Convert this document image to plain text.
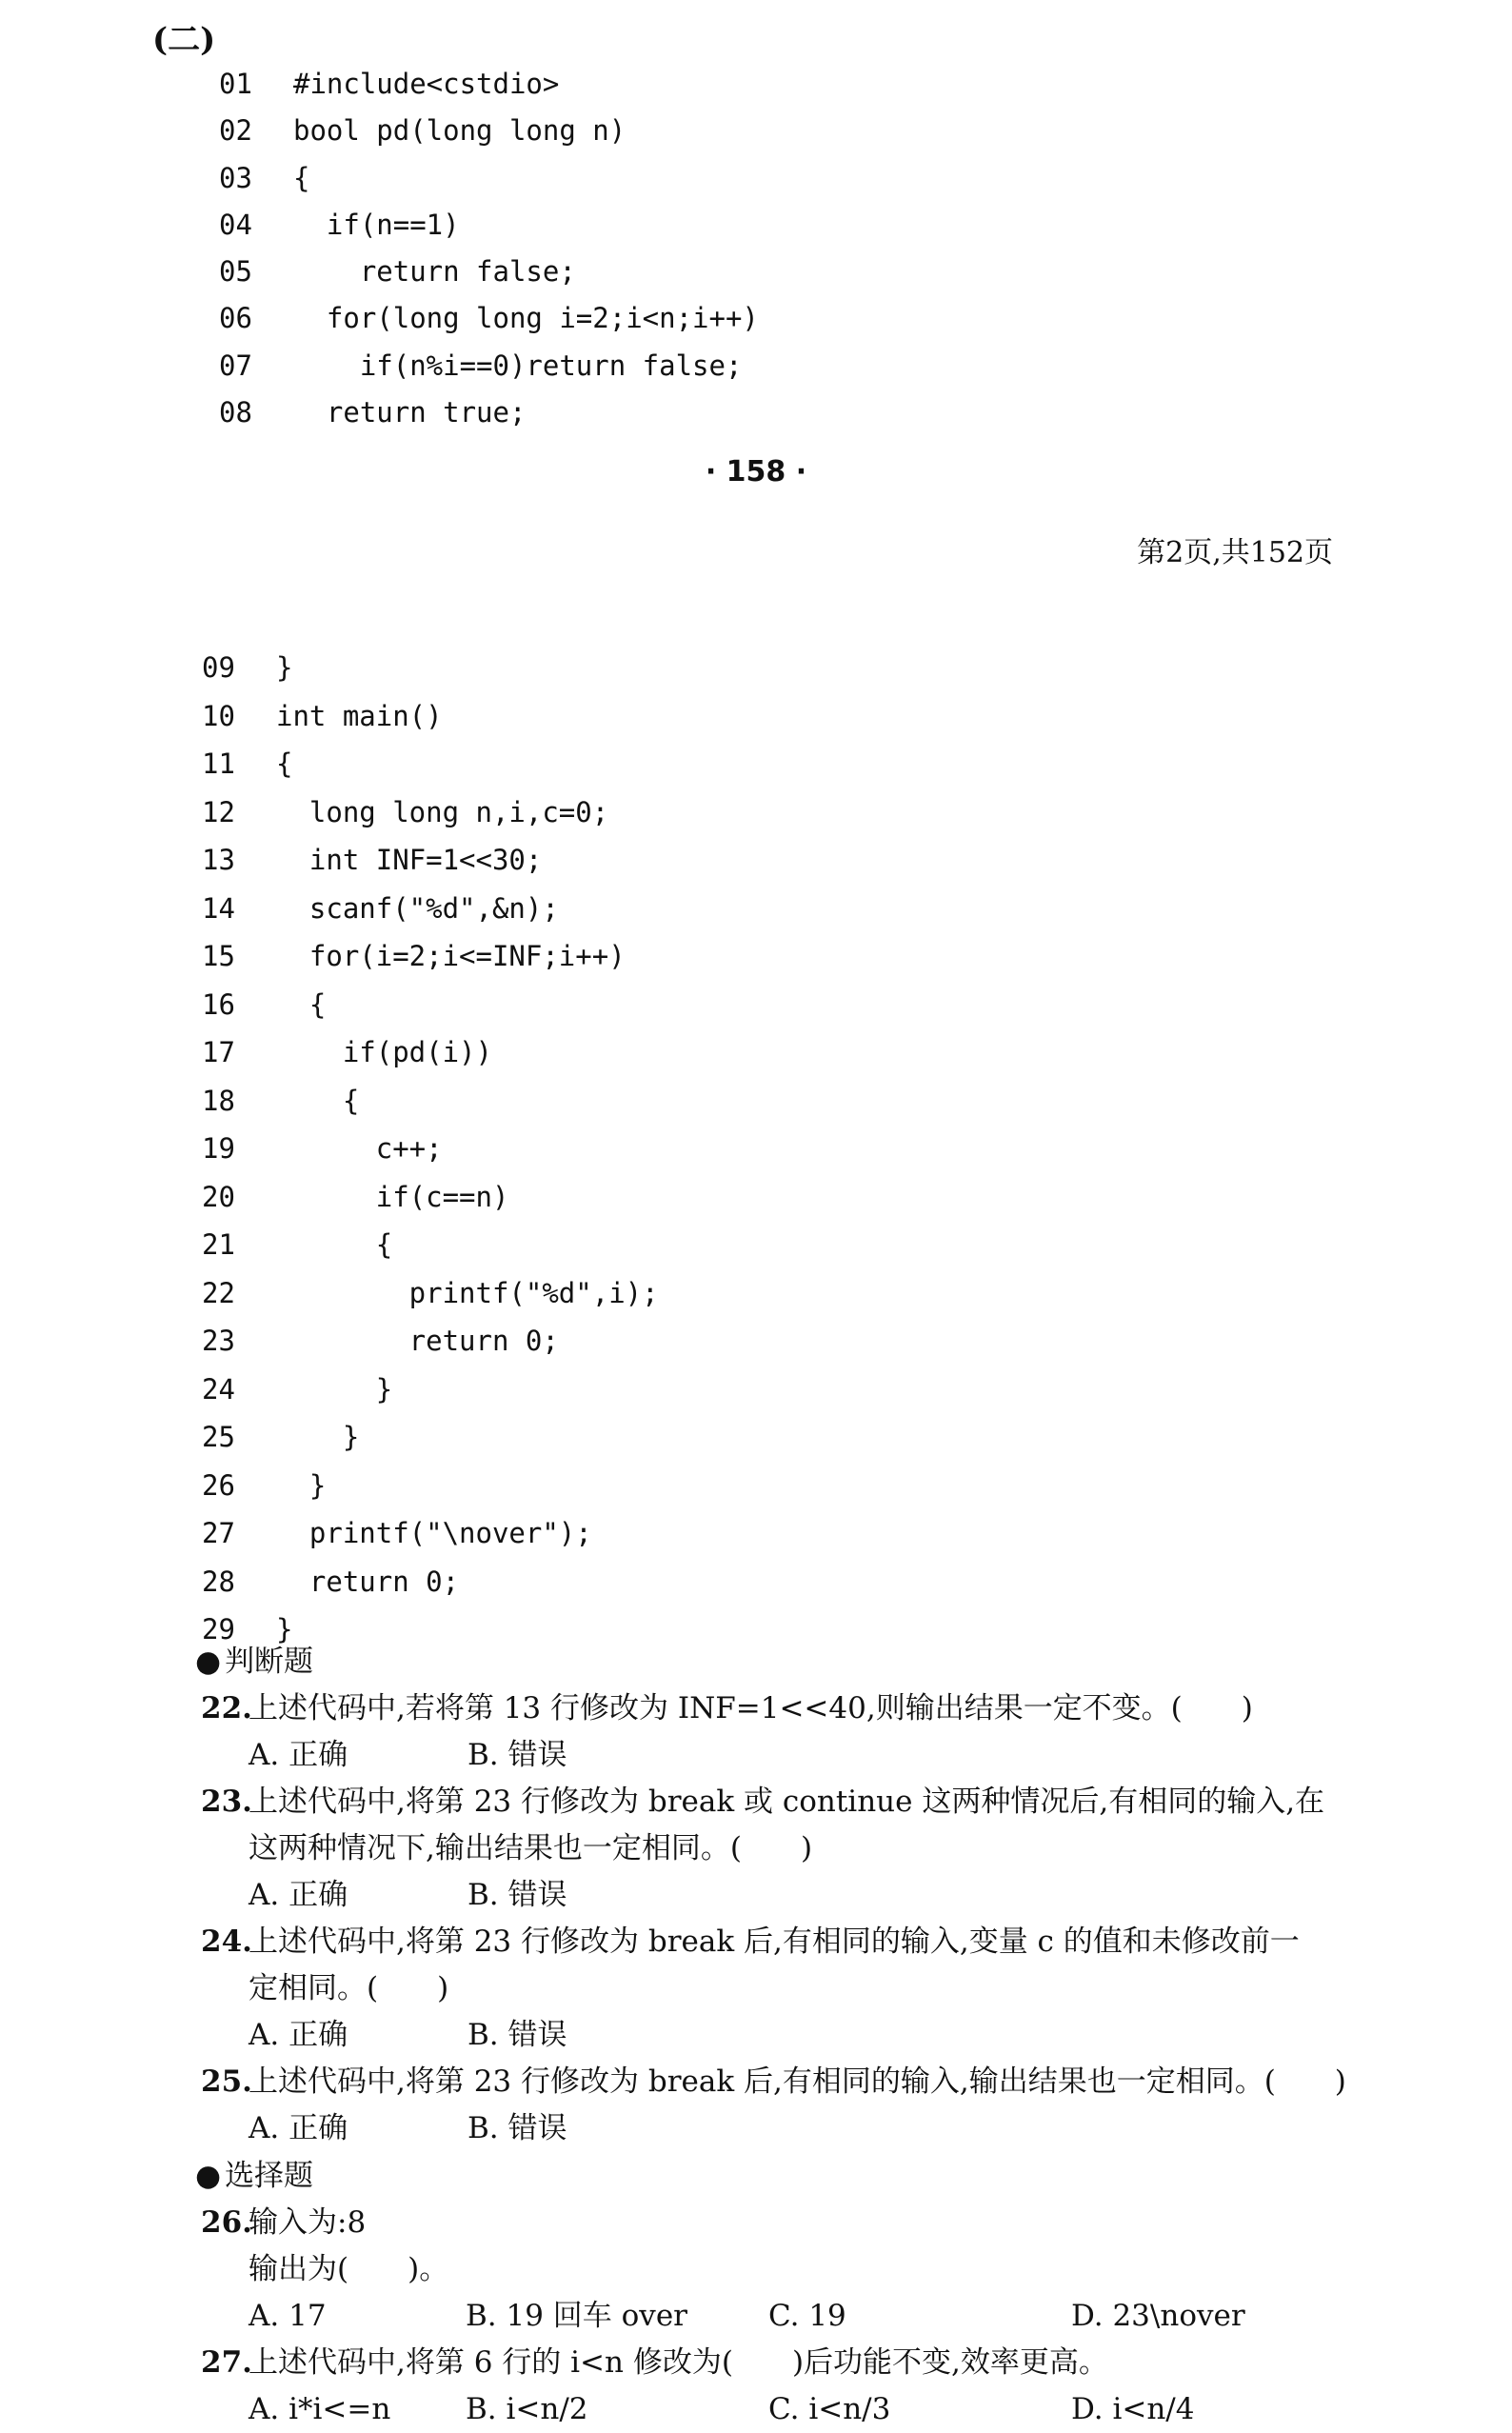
(二)
01 #include<cstdio>
02 bool pd(long long n)
03 {
04  if(n==1)
05    return false;
06  for(long long i=2;i<n;i++)
07    if(n%i==0)return false;
08  return true;
· 158 ·
第2页,共152页
09 }
10 int main()
11 {
12  long long n,i,c=0;
13  int INF=1<<30;
14  scanf("%d",&n);
15  for(i=2;i<=INF;i++)
16  {
17    if(pd(i))
18    {
19      c++;
20      if(c==n)
21      {
22        printf("%d",i);
23        return 0;
24      }
25    }
26  }
27  printf("\nover");
28  return 0;
29 }
● 判断题
22.
上述代码中,若将第 13 行修改为 INF=1<<40,则输出结果一定不变。(　　)
A. 正确	B. 错误
23.
上述代码中,将第 23 行修改为 break 或 continue 这两种情况后,有相同的输入,在
这两种情况下,输出结果也一定相同。(　　)
A. 正确	B. 错误
24.
上述代码中,将第 23 行修改为 break 后,有相同的输入,变量 c 的值和未修改前一
定相同。(　　)
A. 正确	B. 错误
25.
上述代码中,将第 23 行修改为 break 后,有相同的输入,输出结果也一定相同。(　　)
A. 正确	B. 错误
● 选择题
26.
输入为:8
输出为(　　)。
A. 17	B. 19 回车 over	C. 19	D. 23\nover
27.
上述代码中,将第 6 行的 i<n 修改为(　　)后功能不变,效率更高。
A. i*i<=n	B. i<n/2	C. i<n/3	D. i<n/4
